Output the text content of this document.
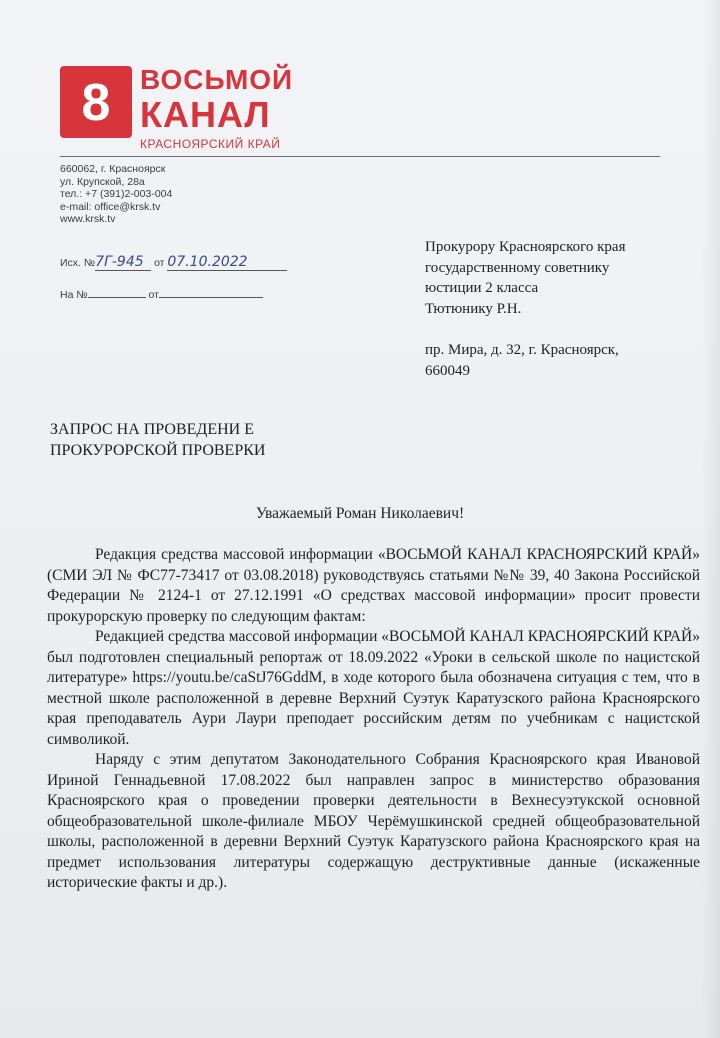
8 ВОСЬМОЙ
КАНАЛ
КРАСНОЯРСКИЙ КРАЙ
660062, г. Красноярск
ул. Крупской, 28а
тел.: +7 (391)2-003-004
e-mail: office@krsk.tv
www.krsk.tv
Исх. №7Г-945 от 07.10.2022
На №	от
Прокурору Красноярского края
государственному советнику
юстиции 2 класса
Тютюнику Р.Н.
пр. Мира, д. 32, г. Красноярск,
660049
ЗАПРОС НА ПРОВЕДЕНИ Е
ПРОКУРОРСКОЙ ПРОВЕРКИ
Уважаемый Роман Николаевич!

Редакция средства массовой информации «ВОСЬМОЙ КАНАЛ КРАСНОЯРСКИЙ КРАЙ» (СМИ ЭЛ № ФС77-73417 от 03.08.2018) руководствуясь статьями №№ 39, 40 Закона Российской Федерации № 2124-1 от 27.12.1991 «О средствах массовой информации» просит провести прокурорскую проверку по следующим фактам:

Редакцией средства массовой информации «ВОСЬМОЙ КАНАЛ КРАСНОЯРСКИЙ КРАЙ» был подготовлен специальный репортаж от 18.09.2022 «Уроки в сельской школе по нацистской литературе» https://youtu.be/caStJ76GddM, в ходе которого была обозначена ситуация с тем, что в местной школе расположенной в деревне Верхний Суэтук Каратузского района Красноярского края преподаватель Аури Лаури преподает российским детям по учебникам с нацистской символикой.

Наряду с этим депутатом Законодательного Собрания Красноярского края Ивановой Ириной Геннадьевной 17.08.2022 был направлен запрос в министерство образования Красноярского края о проведении проверки деятельности в Вехнесуэтукской основной общеобразовательной школе-филиале МБОУ Черёмушкинской средней общеобразовательной школы, расположенной в деревни Верхний Суэтук Каратузского района Красноярского края на предмет использования литературы содержащую деструктивные данные (искаженные исторические факты и др.).
